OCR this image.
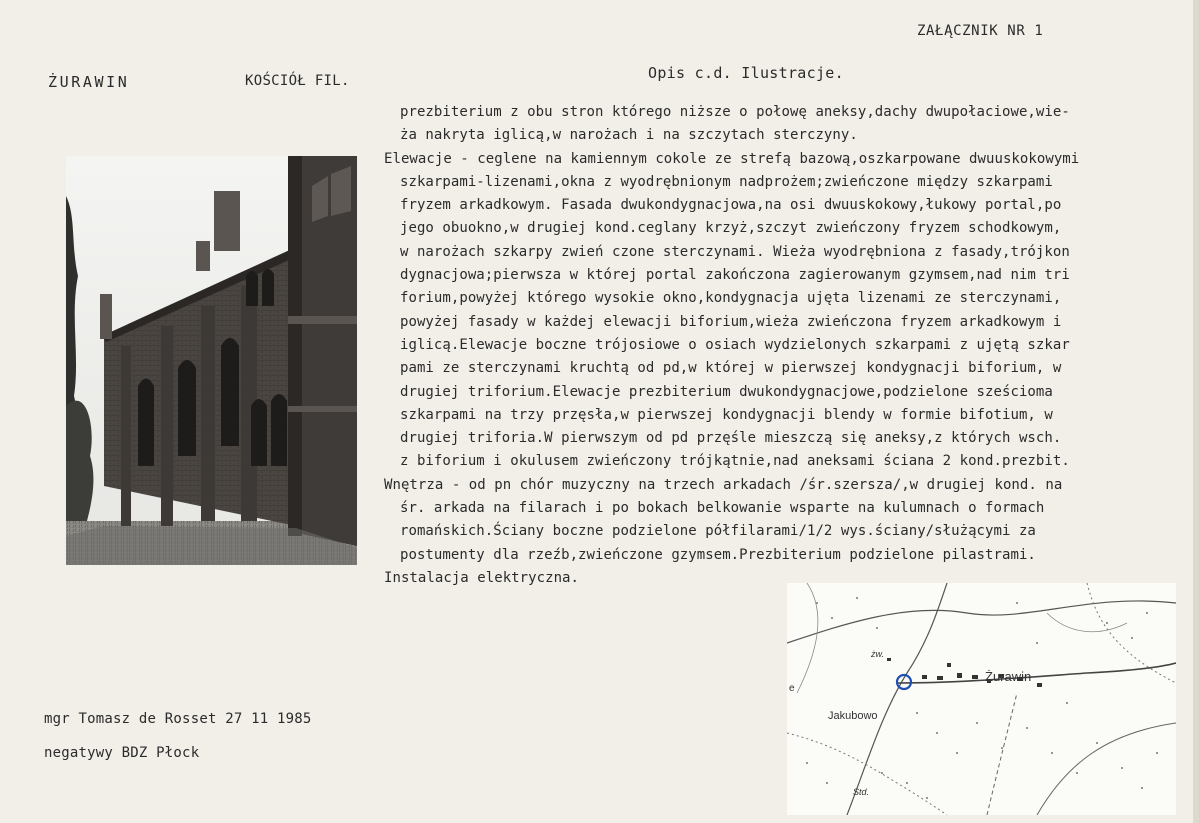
ZAŁĄCZNIK NR 1
ŻURAWIN	KOŚCIÓŁ FIL.	Opis c.d. Ilustracje.
prezbiterium z obu stron którego niższe o połowę aneksy,dachy dwupołaciowe,wie-
ża nakryta iglicą,w narożach i na szczytach sterczyny.
Elewacje - ceglene na kamiennym cokole ze strefą bazową,oszkarpowane dwuuskokowymi
szkarpami-lizenami,okna z wyodrębnionym nadprożem;zwieńczone między szkarpami
fryzem arkadkowym. Fasada dwukondygnacjowa,na osi dwuuskokowy,łukowy portal,po
jego obuokno,w drugiej kond.ceglany krzyż,szczyt zwieńczony fryzem schodkowym,
w narożach szkarpy zwień czone sterczynami. Wieża wyodrębniona z fasady,trójkon
dygnacjowa;pierwsza w której portal zakończona zagierowanym gzymsem,nad nim tri
forium,powyżej którego wysokie okno,kondygnacja ujęta lizenami ze sterczynami,
powyżej fasady w każdej elewacji biforium,wieża zwieńczona fryzem arkadkowym i
iglicą.Elewacje boczne trójosiowe o osiach wydzielonych szkarpami z ujętą szkar
pami ze sterczynami kruchtą od pd,w której w pierwszej kondygnacji biforium, w
drugiej triforium.Elewacje prezbiterium dwukondygnacjowe,podzielone sześcioma
szkarpami na trzy przęsła,w pierwszej kondygnacji blendy w formie bifotium, w
drugiej triforia.W pierwszym od pd przęśle mieszczą się aneksy,z których wsch.
z biforium i okulusem zwieńczony trójkątnie,nad aneksami ściana 2 kond.prezbit.
Wnętrza - od pn chór muzyczny na trzech arkadach /śr.szersza/,w drugiej kond. na
śr. arkada na filarach i po bokach belkowanie wsparte na kulumnach o formach
romańskich.Ściany boczne podzielone półfilarami/1/2 wys.ściany/służącymi za
postumenty dla rzeźb,zwieńczone gzymsem.Prezbiterium podzielone pilastrami.
Instalacja elektryczna.
Żurawin
Jakubowo
żw.
Std.
e
mgr Tomasz de Rosset 27 11 1985
negatywy BDZ Płock
